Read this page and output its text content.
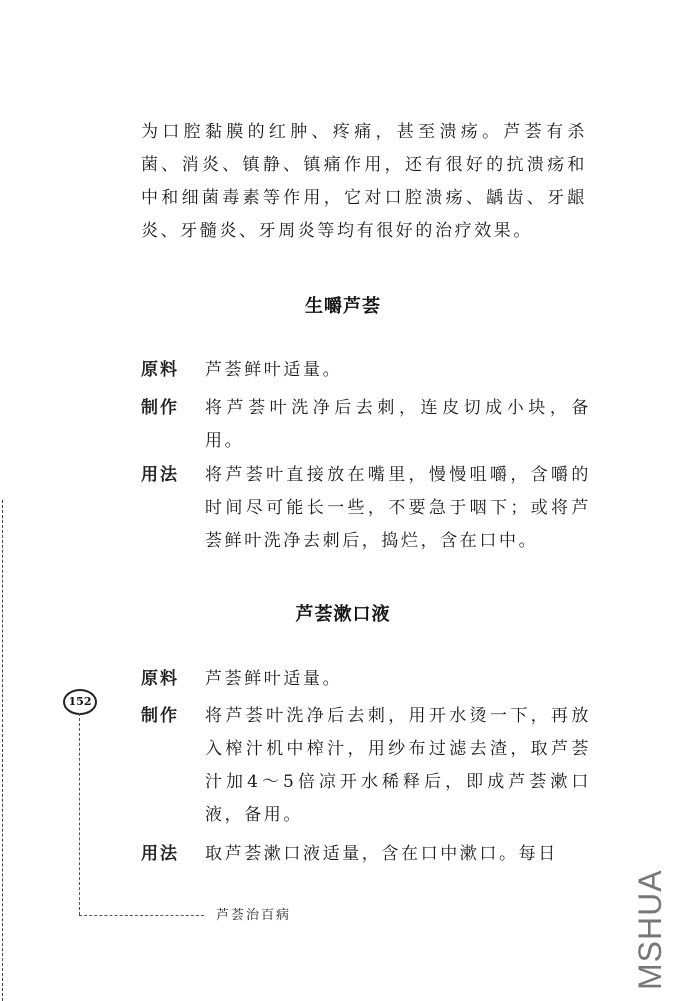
为口腔黏膜的红肿、疼痛，甚至溃疡。芦荟有杀菌、消炎、镇静、镇痛作用，还有很好的抗溃疡和中和细菌毒素等作用，它对口腔溃疡、龋齿、牙龈炎、牙髓炎、牙周炎等均有很好的治疗效果。
生嚼芦荟
原料	芦荟鲜叶适量。
制作	将芦荟叶洗净后去刺，连皮切成小块，备用。
用法	将芦荟叶直接放在嘴里，慢慢咀嚼，含嚼的时间尽可能长一些，不要急于咽下；或将芦荟鲜叶洗净去刺后，捣烂，含在口中。
芦荟漱口液
原料	芦荟鲜叶适量。
制作	将芦荟叶洗净后去刺，用开水烫一下，再放入榨汁机中榨汁，用纱布过滤去渣，取芦荟汁加4～5倍凉开水稀释后，即成芦荟漱口液，备用。
用法	取芦荟漱口液适量，含在口中漱口。每日
152
芦荟治百病	MSHUA
